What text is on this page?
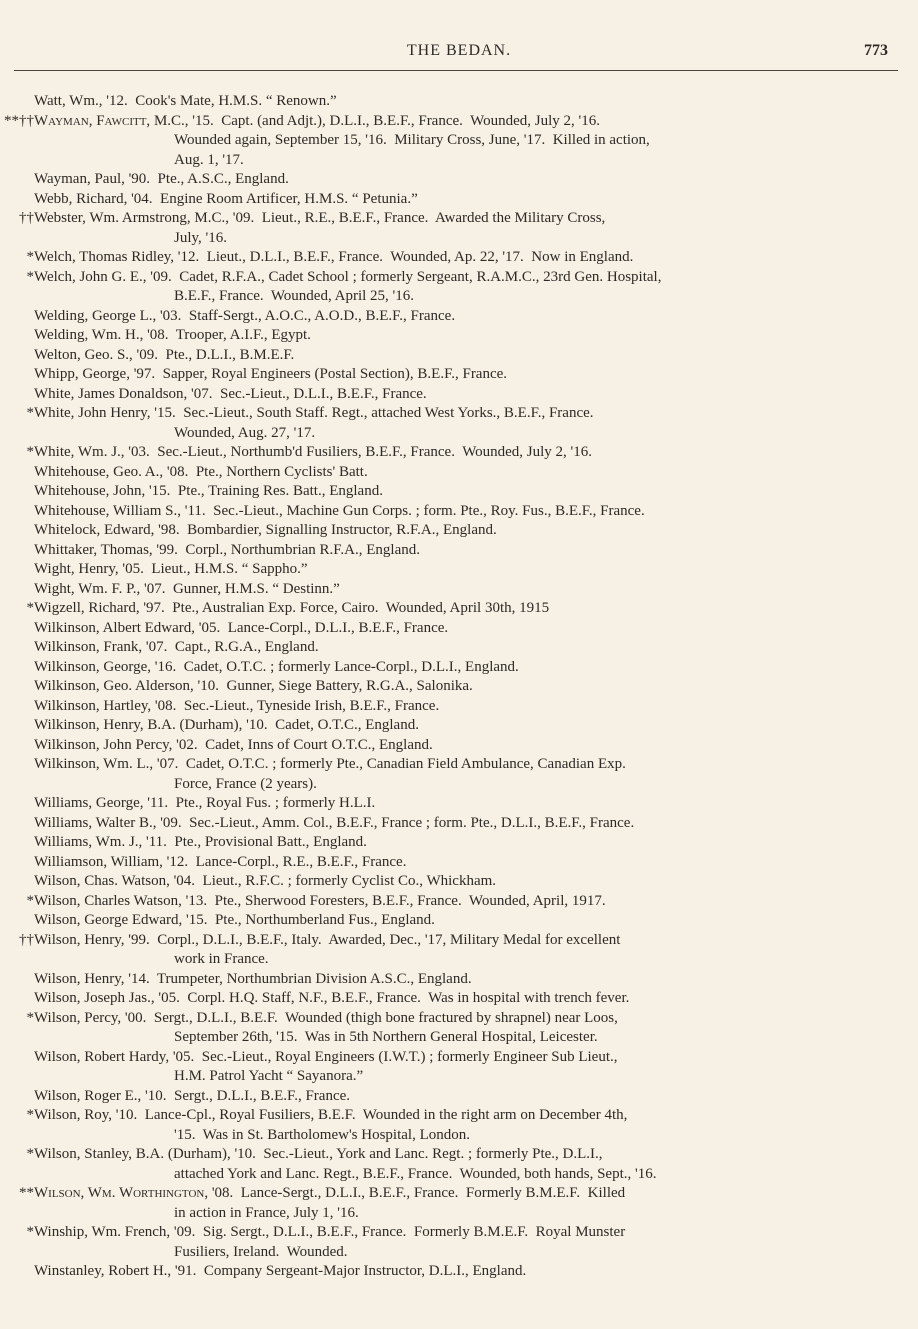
THE BEDAN.	773
Watt, Wm., '12.  Cook's Mate, H.M.S. “ Renown.”
**†† Wayman, Fawcitt, M.C., '15.  Capt. (and Adjt.), D.L.I., B.E.F., France.  Wounded, July 2, '16.
Wounded again, September 15, '16.  Military Cross, June, '17.  Killed in action,
Aug. 1, '17.
Wayman, Paul, '90.  Pte., A.S.C., England.
Webb, Richard, '04.  Engine Room Artificer, H.M.S. “ Petunia.”
†† Webster, Wm. Armstrong, M.C., '09.  Lieut., R.E., B.E.F., France.  Awarded the Military Cross,
July, '16.
* Welch, Thomas Ridley, '12.  Lieut., D.L.I., B.E.F., France.  Wounded, Ap. 22, '17.  Now in England.
* Welch, John G. E., '09.  Cadet, R.F.A., Cadet School ; formerly Sergeant, R.A.M.C., 23rd Gen. Hospital,
B.E.F., France.  Wounded, April 25, '16.
Welding, George L., '03.  Staff-Sergt., A.O.C., A.O.D., B.E.F., France.
Welding, Wm. H., '08.  Trooper, A.I.F., Egypt.
Welton, Geo. S., '09.  Pte., D.L.I., B.M.E.F.
Whipp, George, '97.  Sapper, Royal Engineers (Postal Section), B.E.F., France.
White, James Donaldson, '07.  Sec.-Lieut., D.L.I., B.E.F., France.
* White, John Henry, '15.  Sec.-Lieut., South Staff. Regt., attached West Yorks., B.E.F., France.
Wounded, Aug. 27, '17.
* White, Wm. J., '03.  Sec.-Lieut., Northumb'd Fusiliers, B.E.F., France.  Wounded, July 2, '16.
Whitehouse, Geo. A., '08.  Pte., Northern Cyclists' Batt.
Whitehouse, John, '15.  Pte., Training Res. Batt., England.
Whitehouse, William S., '11.  Sec.-Lieut., Machine Gun Corps. ; form. Pte., Roy. Fus., B.E.F., France.
Whitelock, Edward, '98.  Bombardier, Signalling Instructor, R.F.A., England.
Whittaker, Thomas, '99.  Corpl., Northumbrian R.F.A., England.
Wight, Henry, '05.  Lieut., H.M.S. “ Sappho.”
Wight, Wm. F. P., '07.  Gunner, H.M.S. “ Destinn.”
* Wigzell, Richard, '97.  Pte., Australian Exp. Force, Cairo.  Wounded, April 30th, 1915
Wilkinson, Albert Edward, '05.  Lance-Corpl., D.L.I., B.E.F., France.
Wilkinson, Frank, '07.  Capt., R.G.A., England.
Wilkinson, George, '16.  Cadet, O.T.C. ; formerly Lance-Corpl., D.L.I., England.
Wilkinson, Geo. Alderson, '10.  Gunner, Siege Battery, R.G.A., Salonika.
Wilkinson, Hartley, '08.  Sec.-Lieut., Tyneside Irish, B.E.F., France.
Wilkinson, Henry, B.A. (Durham), '10.  Cadet, O.T.C., England.
Wilkinson, John Percy, '02.  Cadet, Inns of Court O.T.C., England.
Wilkinson, Wm. L., '07.  Cadet, O.T.C. ; formerly Pte., Canadian Field Ambulance, Canadian Exp.
Force, France (2 years).
Williams, George, '11.  Pte., Royal Fus. ; formerly H.L.I.
Williams, Walter B., '09.  Sec.-Lieut., Amm. Col., B.E.F., France ; form. Pte., D.L.I., B.E.F., France.
Williams, Wm. J., '11.  Pte., Provisional Batt., England.
Williamson, William, '12.  Lance-Corpl., R.E., B.E.F., France.
Wilson, Chas. Watson, '04.  Lieut., R.F.C. ; formerly Cyclist Co., Whickham.
* Wilson, Charles Watson, '13.  Pte., Sherwood Foresters, B.E.F., France.  Wounded, April, 1917.
Wilson, George Edward, '15.  Pte., Northumberland Fus., England.
†† Wilson, Henry, '99.  Corpl., D.L.I., B.E.F., Italy.  Awarded, Dec., '17, Military Medal for excellent
work in France.
Wilson, Henry, '14.  Trumpeter, Northumbrian Division A.S.C., England.
Wilson, Joseph Jas., '05.  Corpl. H.Q. Staff, N.F., B.E.F., France.  Was in hospital with trench fever.
* Wilson, Percy, '00.  Sergt., D.L.I., B.E.F.  Wounded (thigh bone fractured by shrapnel) near Loos,
September 26th, '15.  Was in 5th Northern General Hospital, Leicester.
Wilson, Robert Hardy, '05.  Sec.-Lieut., Royal Engineers (I.W.T.) ; formerly Engineer Sub Lieut.,
H.M. Patrol Yacht “ Sayanora.”
Wilson, Roger E., '10.  Sergt., D.L.I., B.E.F., France.
* Wilson, Roy, '10.  Lance-Cpl., Royal Fusiliers, B.E.F.  Wounded in the right arm on December 4th,
'15.  Was in St. Bartholomew's Hospital, London.
* Wilson, Stanley, B.A. (Durham), '10.  Sec.-Lieut., York and Lanc. Regt. ; formerly Pte., D.L.I.,
attached York and Lanc. Regt., B.E.F., France.  Wounded, both hands, Sept., '16.
** Wilson, Wm. Worthington, '08.  Lance-Sergt., D.L.I., B.E.F., France.  Formerly B.M.E.F.  Killed
in action in France, July 1, '16.
* Winship, Wm. French, '09.  Sig. Sergt., D.L.I., B.E.F., France.  Formerly B.M.E.F.  Royal Munster
Fusiliers, Ireland.  Wounded.
Winstanley, Robert H., '91.  Company Sergeant-Major Instructor, D.L.I., England.
